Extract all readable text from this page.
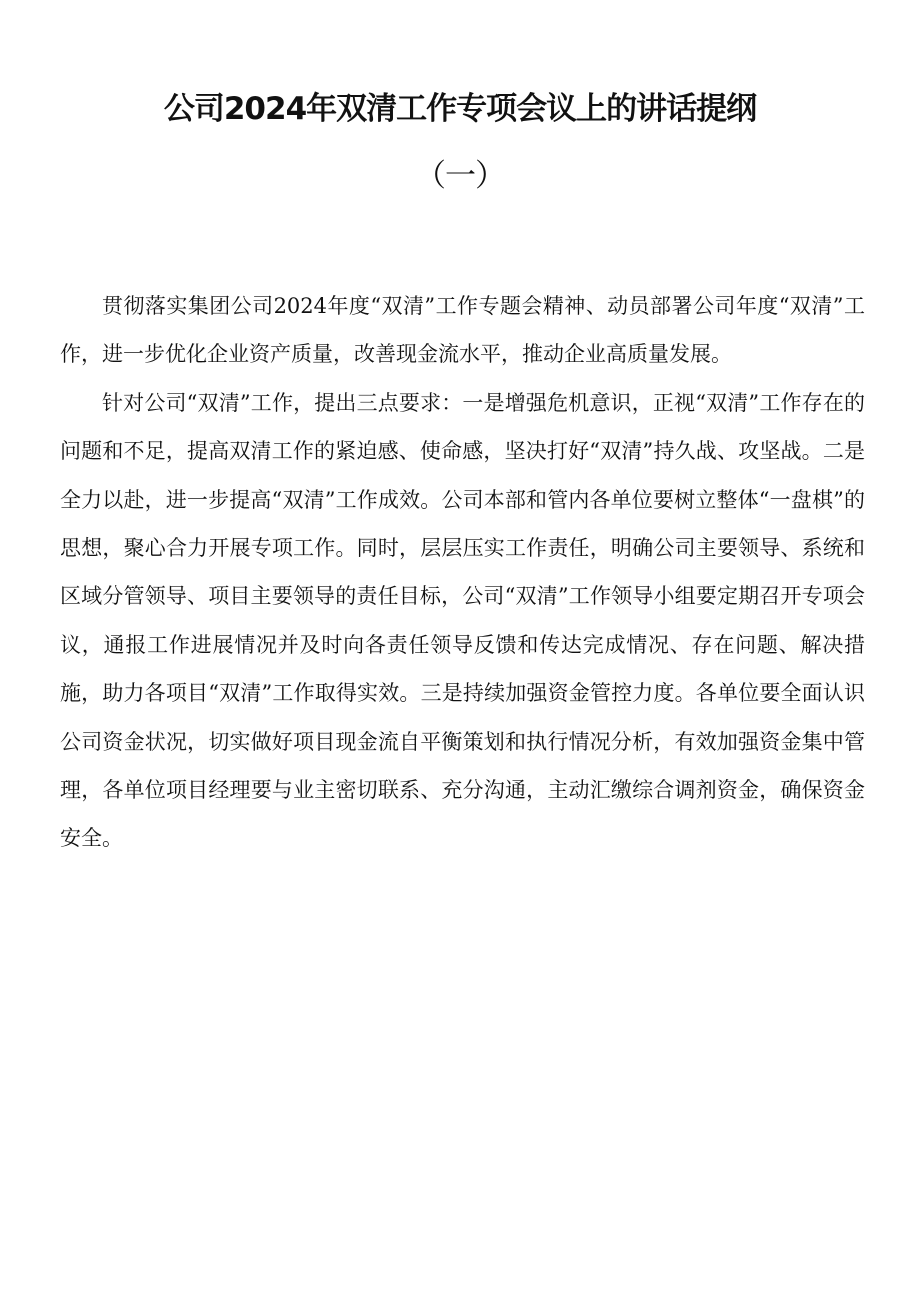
公司2024年双清工作专项会议上的讲话提纲
（一）

贯彻落实集团公司2024年度“双清”工作专题会精神、动员部署公司年度“双清”工作，进一步优化企业资产质量，改善现金流水平，推动企业高质量发展。

针对公司“双清”工作，提出三点要求：一是增强危机意识，正视“双清”工作存在的问题和不足，提高双清工作的紧迫感、使命感，坚决打好“双清”持久战、攻坚战。二是全力以赴，进一步提高“双清”工作成效。公司本部和管内各单位要树立整体“一盘棋”的思想，聚心合力开展专项工作。同时，层层压实工作责任，明确公司主要领导、系统和区域分管领导、项目主要领导的责任目标，公司“双清”工作领导小组要定期召开专项会议，通报工作进展情况并及时向各责任领导反馈和传达完成情况、存在问题、解决措施，助力各项目“双清”工作取得实效。三是持续加强资金管控力度。各单位要全面认识公司资金状况，切实做好项目现金流自平衡策划和执行情况分析，有效加强资金集中管理，各单位项目经理要与业主密切联系、充分沟通，主动汇缴综合调剂资金，确保资金安全。
